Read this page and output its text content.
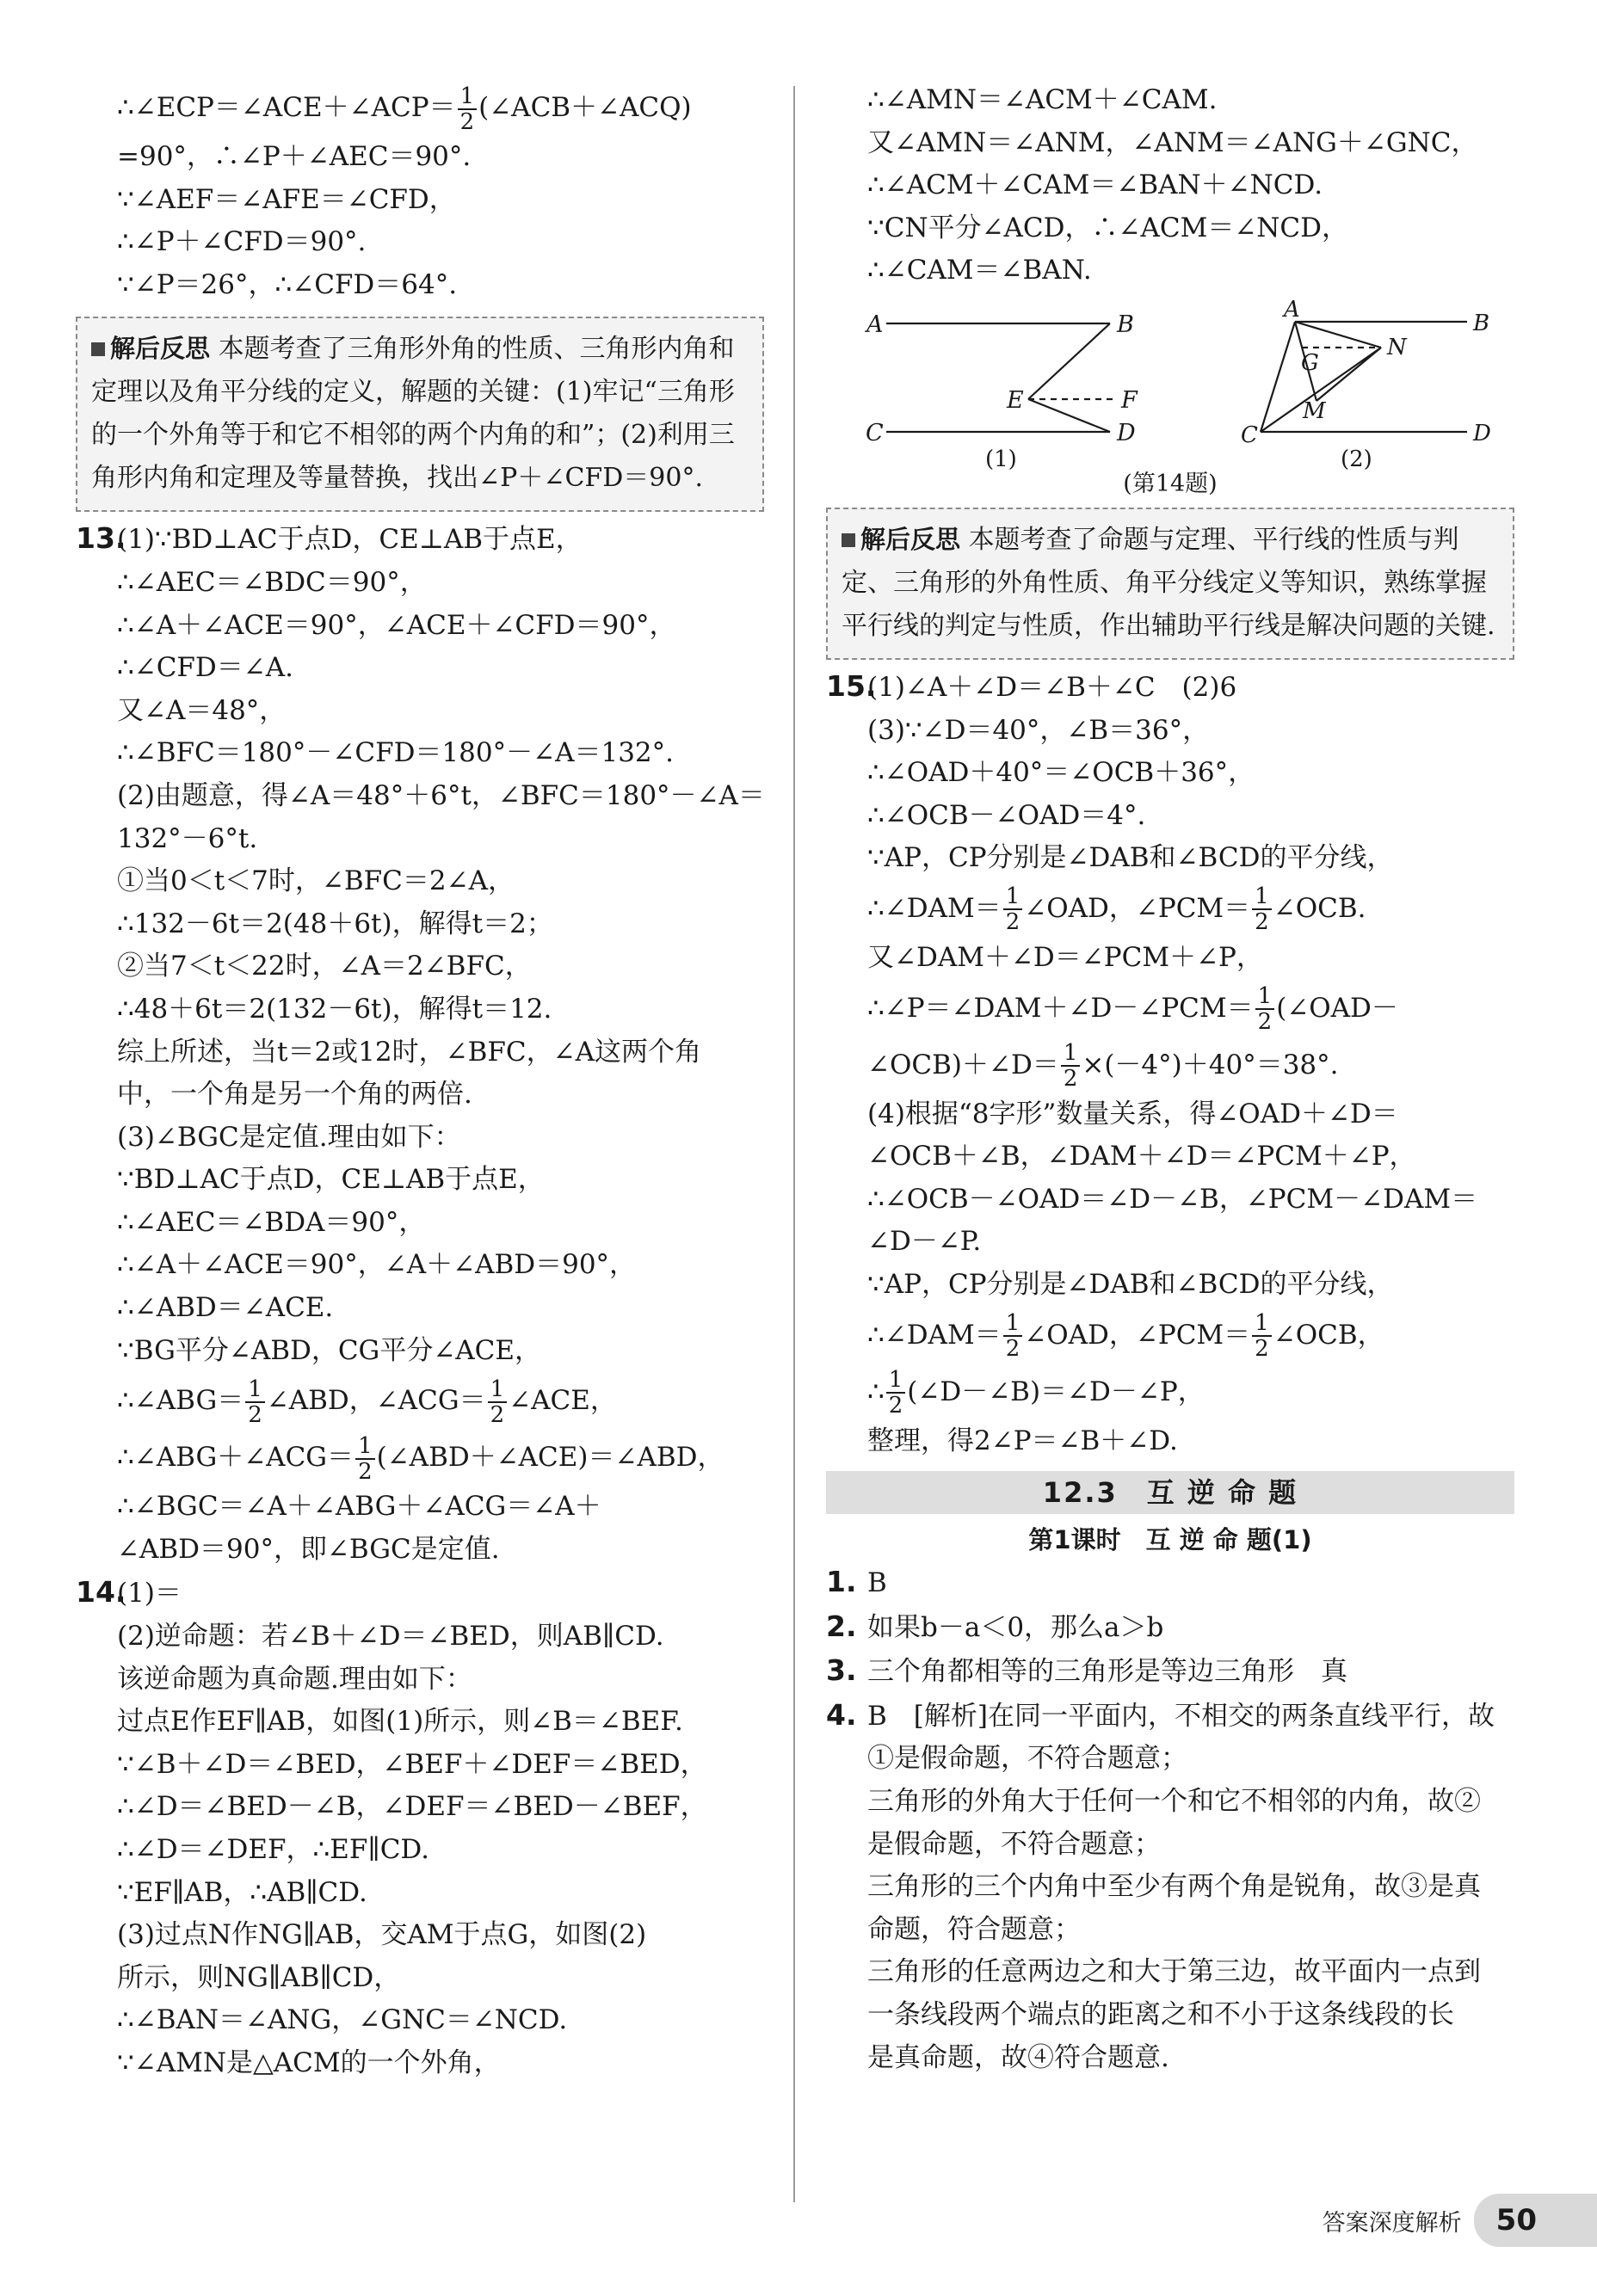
∴∠ECP＝∠ACE＋∠ACP＝ $\frac{1}{2}$ (∠ACB＋∠ACQ)
=90°，∴∠P＋∠AEC＝90°.
∵∠AEF＝∠AFE＝∠CFD，
∴∠P＋∠CFD＝90°.
∵∠P＝26°，∴∠CFD＝64°.
解后反思 本题考查了三角形外角的性质、三角形内角和定理以及角平分线的定义，解题的关键：(1)牢记“三角形的一个外角等于和它不相邻的两个内角的和”；(2)利用三角形内角和定理及等量替换，找出∠P＋∠CFD＝90°.
13.(1)∵BD⊥AC于点D，CE⊥AB于点E，
∴∠AEC＝∠BDC＝90°，
∴∠A＋∠ACE＝90°，∠ACE＋∠CFD＝90°，
∴∠CFD＝∠A.
又∠A＝48°，
∴∠BFC＝180°－∠CFD＝180°－∠A＝132°.
(2)由题意，得∠A＝48°＋6°t，∠BFC＝180°－∠A＝
132°－6°t.
①当0＜t＜7时，∠BFC＝2∠A，
∴132－6t＝2(48＋6t)，解得t＝2；
②当7＜t＜22时，∠A＝2∠BFC，
∴48＋6t＝2(132－6t)，解得t＝12.
综上所述，当t＝2或12时，∠BFC，∠A这两个角
中，一个角是另一个角的两倍.
(3)∠BGC是定值.理由如下：
∵BD⊥AC于点D，CE⊥AB于点E，
∴∠AEC＝∠BDA＝90°，
∴∠A＋∠ACE＝90°，∠A＋∠ABD＝90°，
∴∠ABD＝∠ACE.
∵BG平分∠ABD，CG平分∠ACE，
∴∠ABG＝ $\frac{1}{2}$ ∠ABD，∠ACG＝ $\frac{1}{2}$ ∠ACE，
∴∠ABG＋∠ACG＝ $\frac{1}{2}$ (∠ABD＋∠ACE)＝∠ABD，
∴∠BGC＝∠A＋∠ABG＋∠ACG＝∠A＋
∠ABD＝90°，即∠BGC是定值.
14.(1)＝
(2)逆命题：若∠B＋∠D＝∠BED，则AB∥CD.
该逆命题为真命题.理由如下：
过点E作EF∥AB，如图(1)所示，则∠B＝∠BEF.
∵∠B＋∠D＝∠BED，∠BEF＋∠DEF＝∠BED，
∴∠D＝∠BED－∠B，∠DEF＝∠BED－∠BEF，
∴∠D＝∠DEF，∴EF∥CD.
∵EF∥AB，∴AB∥CD.
(3)过点N作NG∥AB，交AM于点G，如图(2)
所示，则NG∥AB∥CD，
∴∠BAN＝∠ANG，∠GNC＝∠NCD.
∵∠AMN是△ACM的一个外角，
∴∠AMN＝∠ACM＋∠CAM.
又∠AMN＝∠ANM，∠ANM＝∠ANG＋∠GNC，
∴∠ACM＋∠CAM＝∠BAN＋∠NCD.
∵CN平分∠ACD，∴∠ACM＝∠NCD，
∴∠CAM＝∠BAN.
A	B
C	D
E	F
A
B
C	D
G
N
M
(1)	(2)
(第14题)
解后反思 本题考查了命题与定理、平行线的性质与判定、三角形的外角性质、角平分线定义等知识，熟练掌握平行线的判定与性质，作出辅助平行线是解决问题的关键.
15.(1)∠A＋∠D＝∠B＋∠C　(2)6
(3)∵∠D＝40°，∠B＝36°，
∴∠OAD＋40°＝∠OCB＋36°，
∴∠OCB－∠OAD＝4°.
∵AP，CP分别是∠DAB和∠BCD的平分线，
∴∠DAM＝ $\frac{1}{2}$ ∠OAD，∠PCM＝ $\frac{1}{2}$ ∠OCB.
又∠DAM＋∠D＝∠PCM＋∠P，
∴∠P＝∠DAM＋∠D－∠PCM＝ $\frac{1}{2}$ (∠OAD－
∠OCB)＋∠D＝ $\frac{1}{2} \times(-4^\circ)+40^\circ=38^\circ$.
(4)根据“8字形”数量关系，得∠OAD＋∠D＝
∠OCB＋∠B，∠DAM＋∠D＝∠PCM＋∠P，
∴∠OCB－∠OAD＝∠D－∠B，∠PCM－∠DAM＝
∠D－∠P.
∵AP，CP分别是∠DAB和∠BCD的平分线，
∴∠DAM＝ $\frac{1}{2}$ ∠OAD，∠PCM＝ $\frac{1}{2}$ ∠OCB，
∴ $\frac{1}{2}$ (∠D－∠B)＝∠D－∠P，
整理，得2∠P＝∠B＋∠D.
12.3　互 逆 命 题
第1课时　互 逆 命 题(1)
1. B
2. 如果b－a＜0，那么a＞b
3. 三个角都相等的三角形是等边三角形　真
4. B　[解析]在同一平面内，不相交的两条直线平行，故
①是假命题，不符合题意；
三角形的外角大于任何一个和它不相邻的内角，故②
是假命题，不符合题意；
三角形的三个内角中至少有两个角是锐角，故③是真
命题，符合题意；
三角形的任意两边之和大于第三边，故平面内一点到
一条线段两个端点的距离之和不小于这条线段的长
是真命题，故④符合题意.
答案深度解析	50
